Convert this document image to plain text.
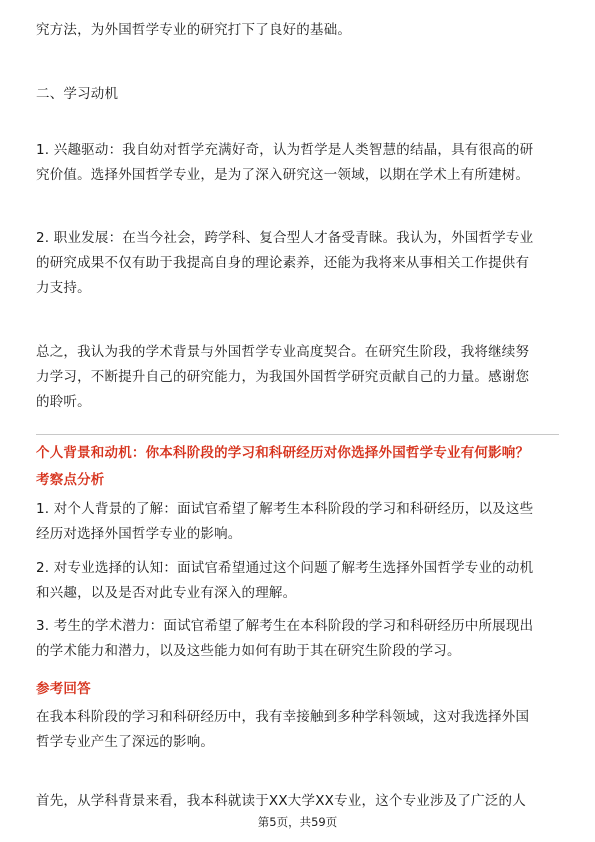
究方法，为外国哲学专业的研究打下了良好的基础。
二、学习动机
1. 兴趣驱动：我自幼对哲学充满好奇，认为哲学是人类智慧的结晶，具有很高的研
究价值。选择外国哲学专业，是为了深入研究这一领域，以期在学术上有所建树。
2. 职业发展：在当今社会，跨学科、复合型人才备受青睐。我认为，外国哲学专业
的研究成果不仅有助于我提高自身的理论素养，还能为我将来从事相关工作提供有
力支持。
总之，我认为我的学术背景与外国哲学专业高度契合。在研究生阶段，我将继续努
力学习，不断提升自己的研究能力，为我国外国哲学研究贡献自己的力量。感谢您
的聆听。
个人背景和动机：你本科阶段的学习和科研经历对你选择外国哲学专业有何影响？
考察点分析
1. 对个人背景的了解：面试官希望了解考生本科阶段的学习和科研经历，以及这些
经历对选择外国哲学专业的影响。
2. 对专业选择的认知：面试官希望通过这个问题了解考生选择外国哲学专业的动机
和兴趣，以及是否对此专业有深入的理解。
3. 考生的学术潜力：面试官希望了解考生在本科阶段的学习和科研经历中所展现出
的学术能力和潜力，以及这些能力如何有助于其在研究生阶段的学习。
参考回答
在我本科阶段的学习和科研经历中，我有幸接触到多种学科领域，这对我选择外国
哲学专业产生了深远的影响。
首先，从学科背景来看，我本科就读于XX大学XX专业，这个专业涉及了广泛的人
第5页，共59页
